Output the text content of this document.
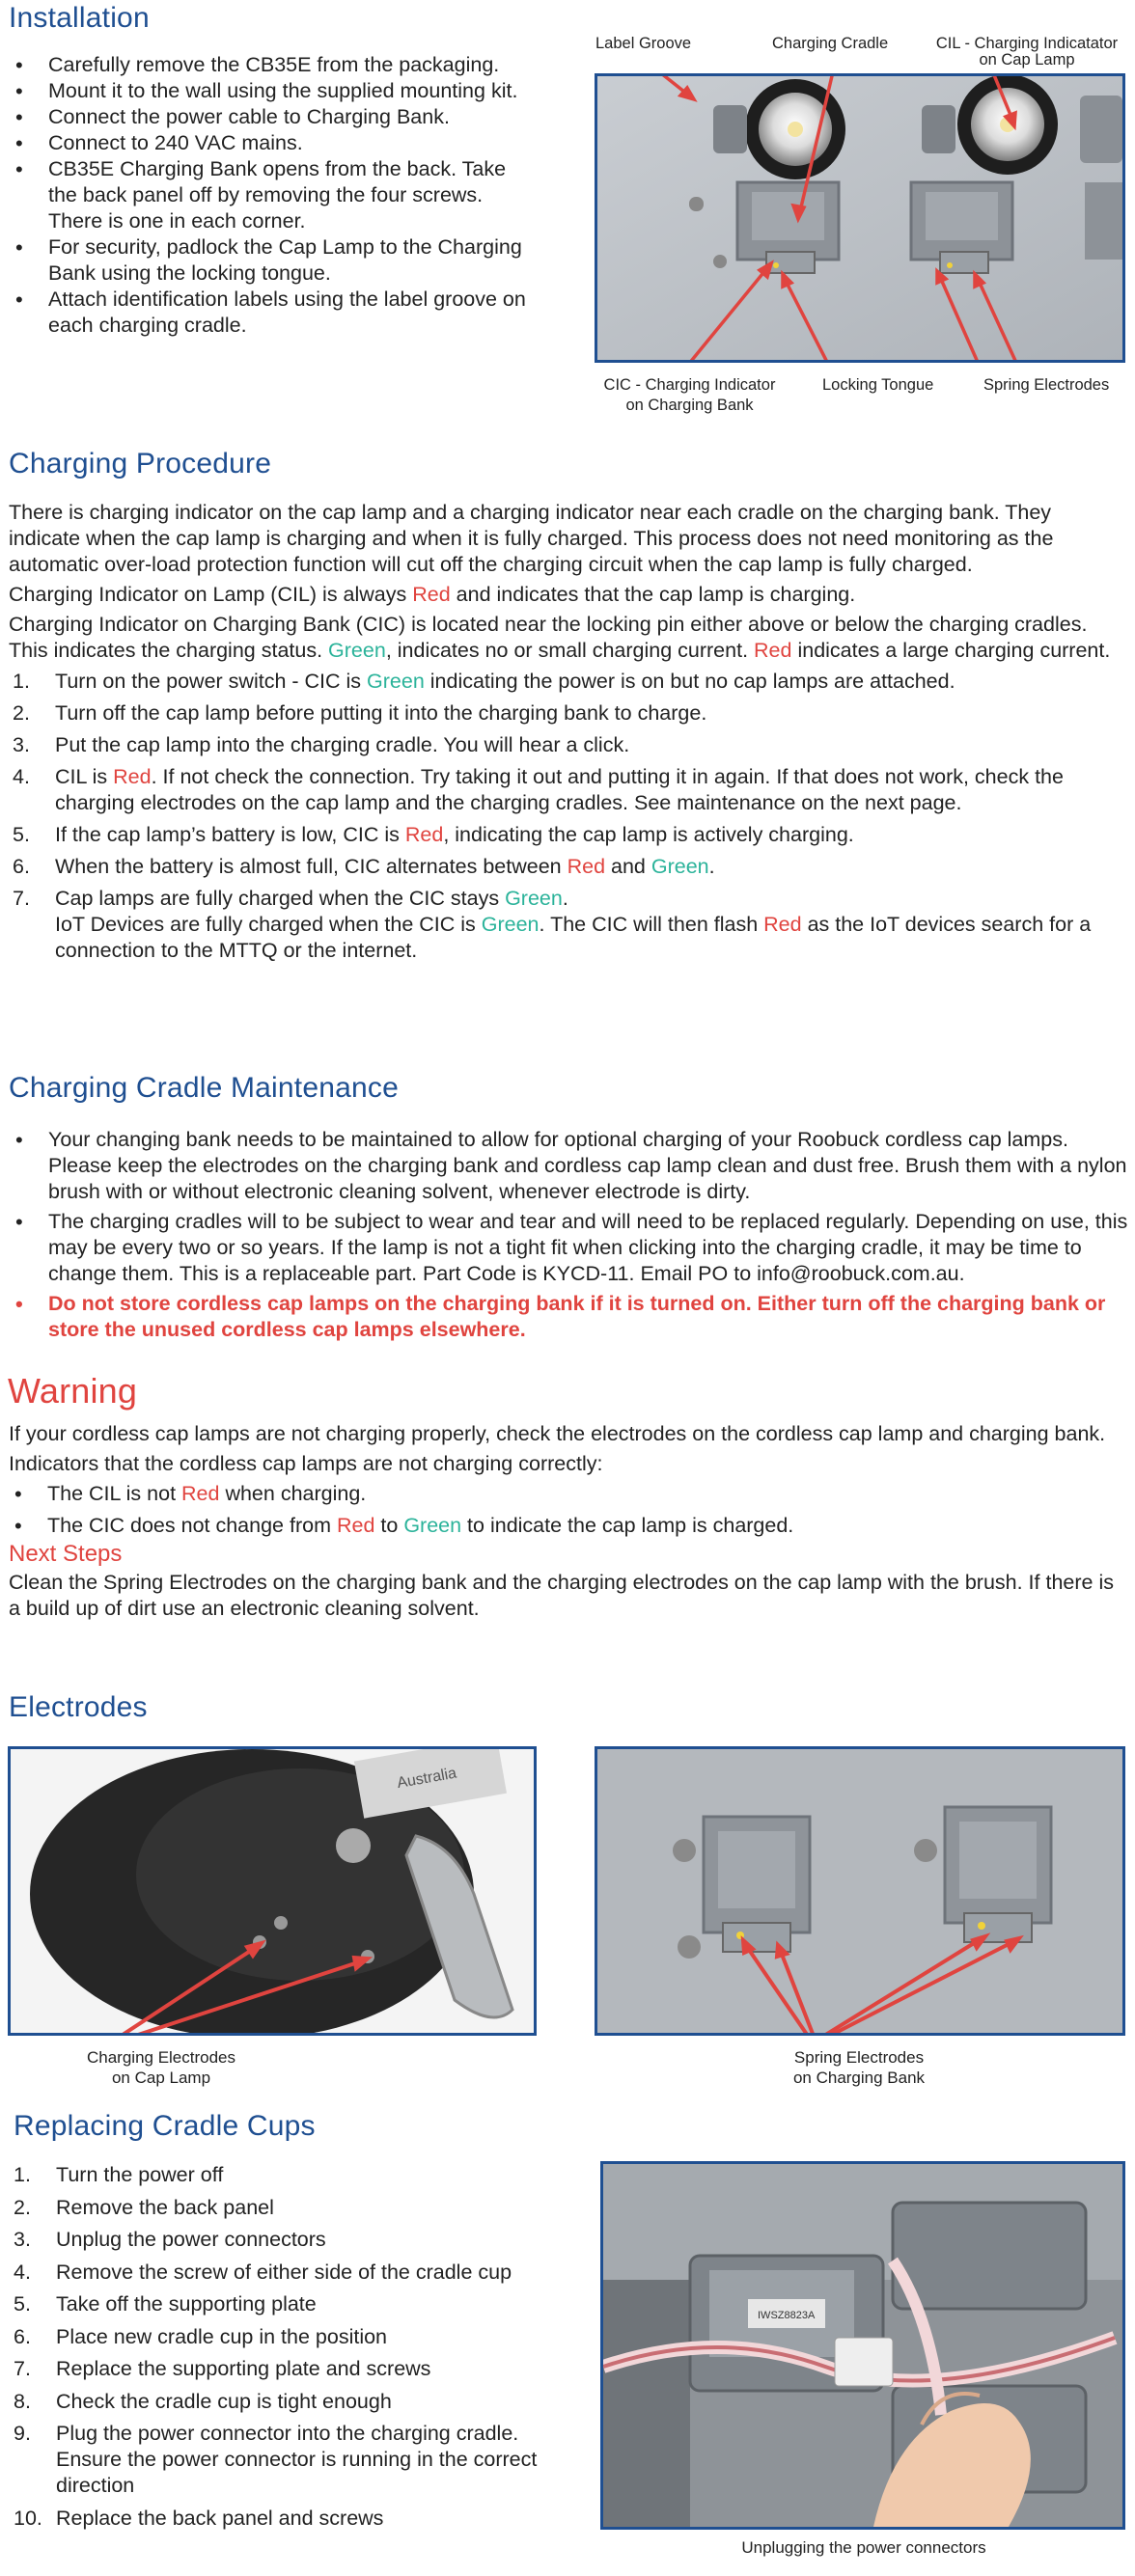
Installation
• Carefully remove the CB35E from the packaging.
• Mount it to the wall using the supplied mounting kit.
• Connect the power cable to Charging Bank.
• Connect to 240 VAC mains.
• CB35E Charging Bank opens from the back. Take the back panel off by removing the four screws. There is one in each corner.
• For security, padlock the Cap Lamp to the Charging Bank using the locking tongue.
• Attach identification labels using the label groove on each charging cradle.
Label Groove	Charging Cradle	CIL - Charging Indicatator
on Cap Lamp
CIC - Charging Indicator
on Charging Bank
Locking Tongue	Spring Electrodes
Charging Procedure

There is charging indicator on the cap lamp and a charging indicator near each cradle on the charging bank. They indicate when the cap lamp is charging and when it is fully charged. This process does not need monitoring as the automatic over-load protection function will cut off the charging circuit when the cap lamp is fully charged.

Charging Indicator on Lamp (CIL) is always Red and indicates that the cap lamp is charging.

Charging Indicator on Charging Bank (CIC) is located near the locking pin either above or below the charging cradles. This indicates the charging status. Green, indicates no or small charging current. Red indicates a large charging current.

1. Turn on the power switch - CIC is Green indicating the power is on but no cap lamps are attached.
2. Turn off the cap lamp before putting it into the charging bank to charge.
3. Put the cap lamp into the charging cradle. You will hear a click.
4. CIL is Red. If not check the connection. Try taking it out and putting it in again. If that does not work, check the charging electrodes on the cap lamp and the charging cradles. See maintenance on the next page.
5. If the cap lamp’s battery is low, CIC is Red, indicating the cap lamp is actively charging.
6. When the battery is almost full, CIC alternates between Red and Green.
7. Cap lamps are fully charged when the CIC stays Green.
IoT Devices are fully charged when the CIC is Green. The CIC will then flash Red as the IoT devices search for a connection to the MTTQ or the internet.
Charging Cradle Maintenance
• Your changing bank needs to be maintained to allow for optional charging of your Roobuck cordless cap lamps. Please keep the electrodes on the charging bank and cordless cap lamp clean and dust free. Brush them with a nylon brush with or without electronic cleaning solvent, whenever electrode is dirty.
• The charging cradles will to be subject to wear and tear and will need to be replaced regularly. Depending on use, this may be every two or so years. If the lamp is not a tight fit when clicking into the charging cradle, it may be time to change them. This is a replaceable part. Part Code is KYCD-11. Email PO to info@roobuck.com.au.
• Do not store cordless cap lamps on the charging bank if it is turned on. Either turn off the charging bank or store the unused cordless cap lamps elsewhere.
Warning

If your cordless cap lamps are not charging properly, check the electrodes on the cordless cap lamp and charging bank.

Indicators that the cordless cap lamps are not charging correctly:

• The CIL is not Red when charging.
• The CIC does not change from Red to Green to indicate the cap lamp is charged.
Next Steps

Clean the Spring Electrodes on the charging bank and the charging electrodes on the cap lamp with the brush. If there is a build up of dirt use an electronic cleaning solvent.

Electrodes
Australia
Charging Electrodes
on Cap Lamp
Spring Electrodes
on Charging Bank
Replacing Cradle Cups
1. Turn the power off
2. Remove the back panel
3. Unplug the power connectors
4. Remove the screw of either side of the cradle cup
5. Take off the supporting plate
6. Place new cradle cup in the position
7. Replace the supporting plate and screws
8. Check the cradle cup is tight enough
9. Plug the power connector into the charging cradle. Ensure the power connector is running in the correct direction
10. Replace the back panel and screws
IWSZ8823A
Unplugging the power connectors
